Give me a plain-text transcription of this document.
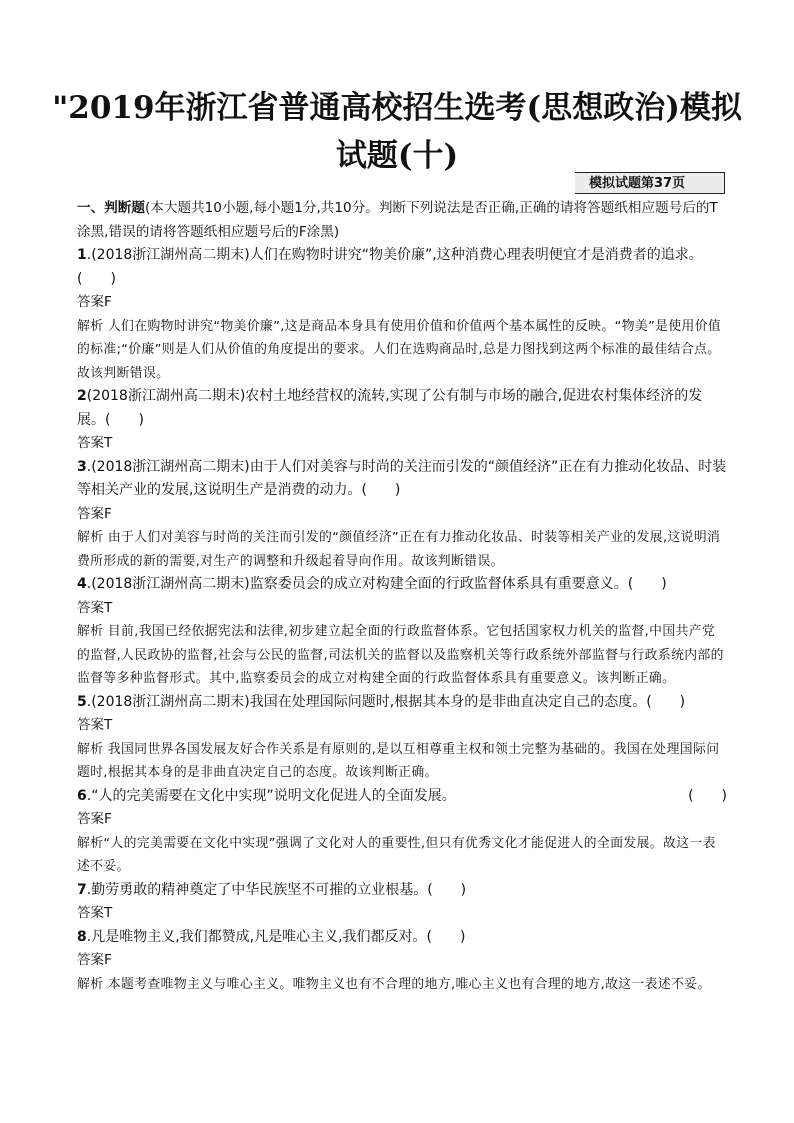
"2019年浙江省普通高校招生选考(思想政治)模拟
试题(十)
模拟试题第37页

一、判断题(本大题共10小题,每小题1分,共10分。判断下列说法是否正确,正确的请将答题纸相应题号后的T涂黑,错误的请将答题纸相应题号后的F涂黑)

1.(2018浙江湖州高二期末)人们在购物时讲究“物美价廉”,这种消费心理表明便宜才是消费者的追求。(　　)

答案F

解析 人们在购物时讲究“物美价廉”,这是商品本身具有使用价值和价值两个基本属性的反映。“物美”是使用价值的标准;“价廉”则是人们从价值的角度提出的要求。人们在选购商品时,总是力图找到这两个标准的最佳结合点。故该判断错误。

2(2018浙江湖州高二期末)农村土地经营权的流转,实现了公有制与市场的融合,促进农村集体经济的发展。(　　)

答案T

3.(2018浙江湖州高二期末)由于人们对美容与时尚的关注而引发的“颜值经济”正在有力推动化妆品、时装等相关产业的发展,这说明生产是消费的动力。(　　)

答案F

解析 由于人们对美容与时尚的关注而引发的“颜值经济”正在有力推动化妆品、时装等相关产业的发展,这说明消费所形成的新的需要,对生产的调整和升级起着导向作用。故该判断错误。

4.(2018浙江湖州高二期末)监察委员会的成立对构建全面的行政监督体系具有重要意义。(　　)

答案T

解析 目前,我国已经依据宪法和法律,初步建立起全面的行政监督体系。它包括国家权力机关的监督,中国共产党的监督,人民政协的监督,社会与公民的监督,司法机关的监督以及监察机关等行政系统外部监督与行政系统内部的监督等多种监督形式。其中,监察委员会的成立对构建全面的行政监督体系具有重要意义。该判断正确。

5.(2018浙江湖州高二期末)我国在处理国际问题时,根据其本身的是非曲直决定自己的态度。(　　)

答案T

解析 我国同世界各国发展友好合作关系是有原则的,是以互相尊重主权和领土完整为基础的。我国在处理国际问题时,根据其本身的是非曲直决定自己的态度。故该判断正确。

6.“人的完美需要在文化中实现”说明文化促进人的全面发展。	(　　)

答案F

解析“人的完美需要在文化中实现”强调了文化对人的重要性,但只有优秀文化才能促进人的全面发展。故这一表述不妥。

7.勤劳勇敢的精神奠定了中华民族坚不可摧的立业根基。(　　)

答案T

8.凡是唯物主义,我们都赞成,凡是唯心主义,我们都反对。(　　)

答案F

解析 本题考查唯物主义与唯心主义。唯物主义也有不合理的地方,唯心主义也有合理的地方,故这一表述不妥。
